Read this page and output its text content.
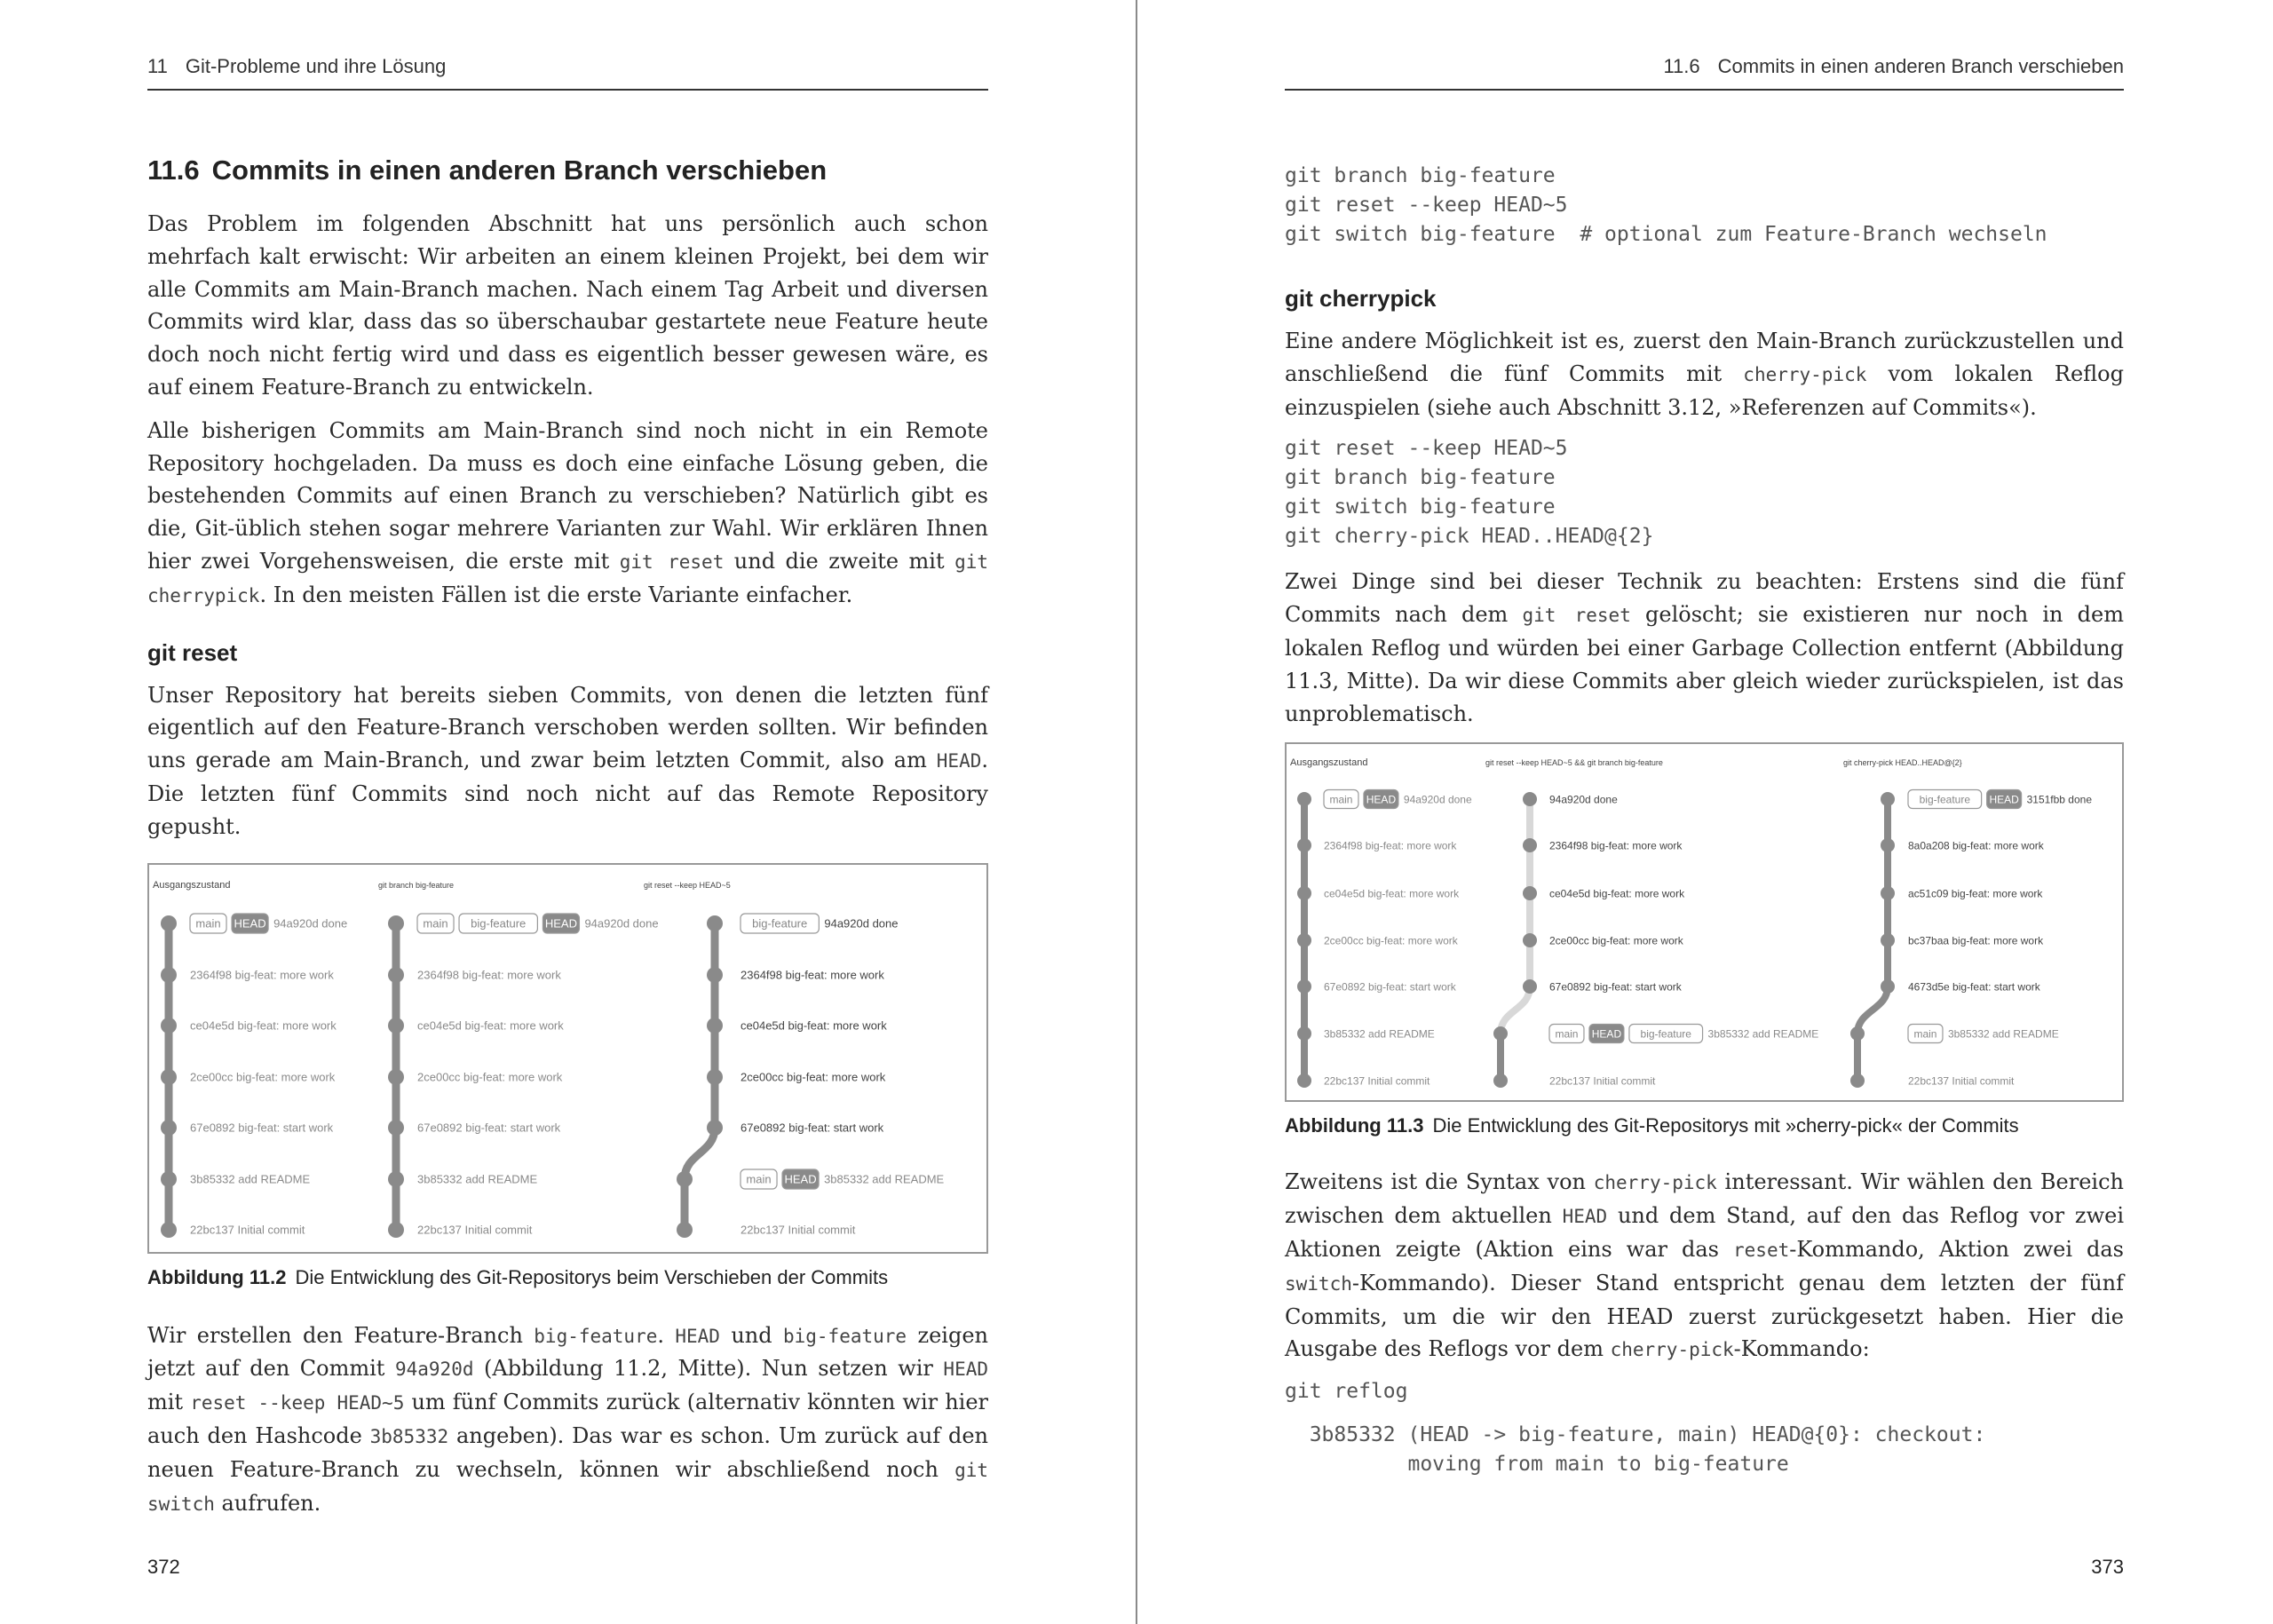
11 Git-Probleme und ihre Lösung
11.6 Commits in einen anderen Branch verschieben

Das Problem im folgenden Abschnitt hat uns persönlich auch schon mehrfach kalt erwischt: Wir arbeiten an einem kleinen Projekt, bei dem wir alle Commits am Main-Branch machen. Nach einem Tag Arbeit und diversen Commits wird klar, dass das so überschaubar gestartete neue Feature heute doch noch nicht fertig wird und dass es eigentlich besser gewesen wäre, es auf einem Feature-Branch zu entwickeln.

Alle bisherigen Commits am Main-Branch sind noch nicht in ein Remote Repository hochgeladen. Da muss es doch eine einfache Lösung geben, die bestehenden Commits auf einen Branch zu verschieben? Natürlich gibt es die, Git-üblich stehen sogar mehrere Varianten zur Wahl. Wir erklären Ihnen hier zwei Vorgehensweisen, die erste mit git reset und die zweite mit git cherrypick. In den meisten Fällen ist die erste Variante einfacher.

git reset

Unser Repository hat bereits sieben Commits, von denen die letzten fünf eigentlich auf den Feature-Branch verschoben werden sollten. Wir befinden uns gerade am Main-Branch, und zwar beim letzten Commit, also am HEAD. Die letzten fünf Commits sind noch nicht auf das Remote Repository gepusht.

Ausgangszustand	git branch big-feature	git reset --keep HEAD~5
main HEAD 94a920d done
2364f98 big-feat: more work
ce04e5d big-feat: more work
2ce00cc big-feat: more work
67e0892 big-feat: start work
3b85332 add README
22bc137 Initial commit
main big-feature HEAD 94a920d done
2364f98 big-feat: more work
ce04e5d big-feat: more work
2ce00cc big-feat: more work
67e0892 big-feat: start work
3b85332 add README
22bc137 Initial commit
big-feature 94a920d done
2364f98 big-feat: more work
ce04e5d big-feat: more work
2ce00cc big-feat: more work
67e0892 big-feat: start work
main HEAD 3b85332 add README
22bc137 Initial commit
Abbildung 11.2 Die Entwicklung des Git-Repositorys beim Verschieben der Commits

Wir erstellen den Feature-Branch big-feature. HEAD und big-feature zeigen jetzt auf den Commit 94a920d (Abbildung 11.2, Mitte). Nun setzen wir HEAD mit reset --keep HEAD~5 um fünf Commits zurück (alternativ könnten wir hier auch den Hashcode 3b85332 angeben). Das war es schon. Um zurück auf den neuen Feature-Branch zu wechseln, können wir abschließend noch git switch aufrufen.

372
11.6 Commits in einen anderen Branch verschieben
git branch big-feature
git reset --keep HEAD~5
git switch big-feature  # optional zum Feature-Branch wechseln
git cherrypick

Eine andere Möglichkeit ist es, zuerst den Main-Branch zurückzustellen und anschließend die fünf Commits mit cherry-pick vom lokalen Reflog einzuspielen (siehe auch Abschnitt 3.12, »Referenzen auf Commits«).

git reset --keep HEAD~5
git branch big-feature
git switch big-feature
git cherry-pick HEAD..HEAD@{2}

Zwei Dinge sind bei dieser Technik zu beachten: Erstens sind die fünf Commits nach dem git reset gelöscht; sie existieren nur noch in dem lokalen Reflog und würden bei einer Garbage Collection entfernt (Abbildung 11.3, Mitte). Da wir diese Commits aber gleich wieder zurückspielen, ist das unproblematisch.

Ausgangszustand	git reset --keep HEAD~5 && git branch big-feature	git cherry-pick HEAD..HEAD@{2}
main HEAD 94a920d done
2364f98 big-feat: more work
ce04e5d big-feat: more work
2ce00cc big-feat: more work
67e0892 big-feat: start work
3b85332 add README
22bc137 Initial commit
94a920d done
2364f98 big-feat: more work
ce04e5d big-feat: more work
2ce00cc big-feat: more work
67e0892 big-feat: start work
main HEAD big-feature 3b85332 add README
22bc137 Initial commit
big-feature HEAD 3151fbb done
8a0a208 big-feat: more work
ac51c09 big-feat: more work
bc37baa big-feat: more work
4673d5e big-feat: start work
main 3b85332 add README
22bc137 Initial commit
Abbildung 11.3 Die Entwicklung des Git-Repositorys mit »cherry-pick« der Commits

Zweitens ist die Syntax von cherry-pick interessant. Wir wählen den Bereich zwischen dem aktuellen HEAD und dem Stand, auf den das Reflog vor zwei Aktionen zeigte (Aktion eins war das reset-Kommando, Aktion zwei das switch-Kommando). Dieser Stand entspricht genau dem letzten der fünf Commits, um die wir den HEAD zuerst zurückgesetzt haben. Hier die Ausgabe des Reflogs vor dem cherry-pick-Kommando:

git reflog
3b85332 (HEAD -> big-feature, main) HEAD@{0}: checkout:
moving from main to big-feature
373
